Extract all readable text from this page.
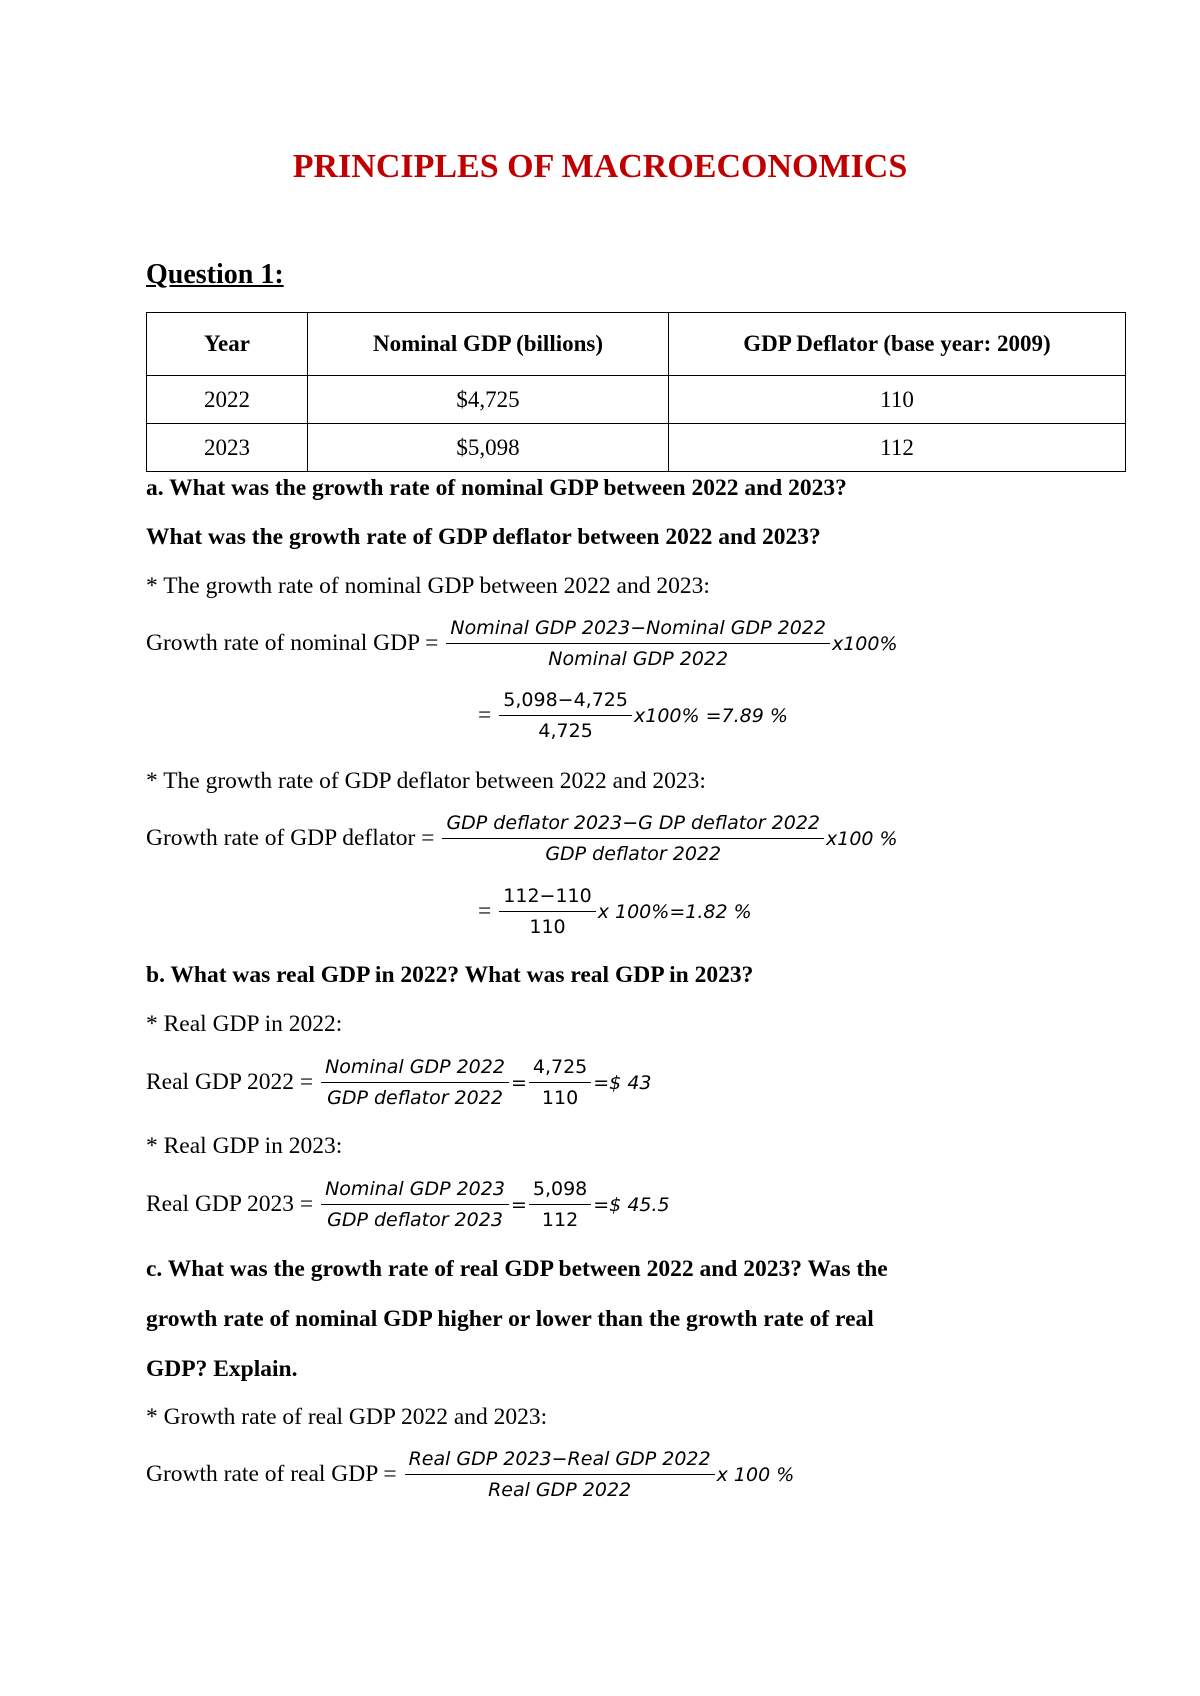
PRINCIPLES OF MACROECONOMICS
Question 1:
Year	Nominal GDP (billions)	GDP Deflator (base year: 2009)
2022	$4,725	110
2023	$5,098	112
a. What was the growth rate of nominal GDP between 2022 and 2023?
What was the growth rate of GDP deflator between 2022 and 2023?
* The growth rate of nominal GDP between 2022 and 2023:
Growth rate of nominal GDP = $\frac{\text{Nominal GDP 2023−Nominal GDP 2022}}{\text{Nominal GDP 2022}} x100\%$
= $\frac{5,098-4,725}{4,725} x100\% =7.89$ %
* The growth rate of GDP deflator between 2022 and 2023:
Growth rate of GDP deflator = $\frac{\text{GDP deflator 2023−G DP deflator 2022}}{\text{GDP deflator 2022}} x100$ %
= $\frac{112-110}{110}$ x 100%=1.82 %
b. What was real GDP in 2022? What was real GDP in 2023?
* Real GDP in 2022:
Real GDP $2022 = \frac{\text{Nominal GDP 2022}}{\text{GDP deflator 2022}} = \frac{4,725}{110}$ =$ 43
* Real GDP in 2023:
Real GDP $2023 = \frac{\text{Nominal GDP 2023}}{\text{GDP deflator 2023}} = \frac{5,098}{112}$ =$ 45.5
c. What was the growth rate of real GDP between 2022 and 2023? Was the
growth rate of nominal GDP higher or lower than the growth rate of real
GDP? Explain.
* Growth rate of real GDP 2022 and 2023:
Growth rate of real GDP = $\frac{\text{Real GDP 2023−Real GDP 2022}}{\text{Real GDP 2022}}$ x 100 %
